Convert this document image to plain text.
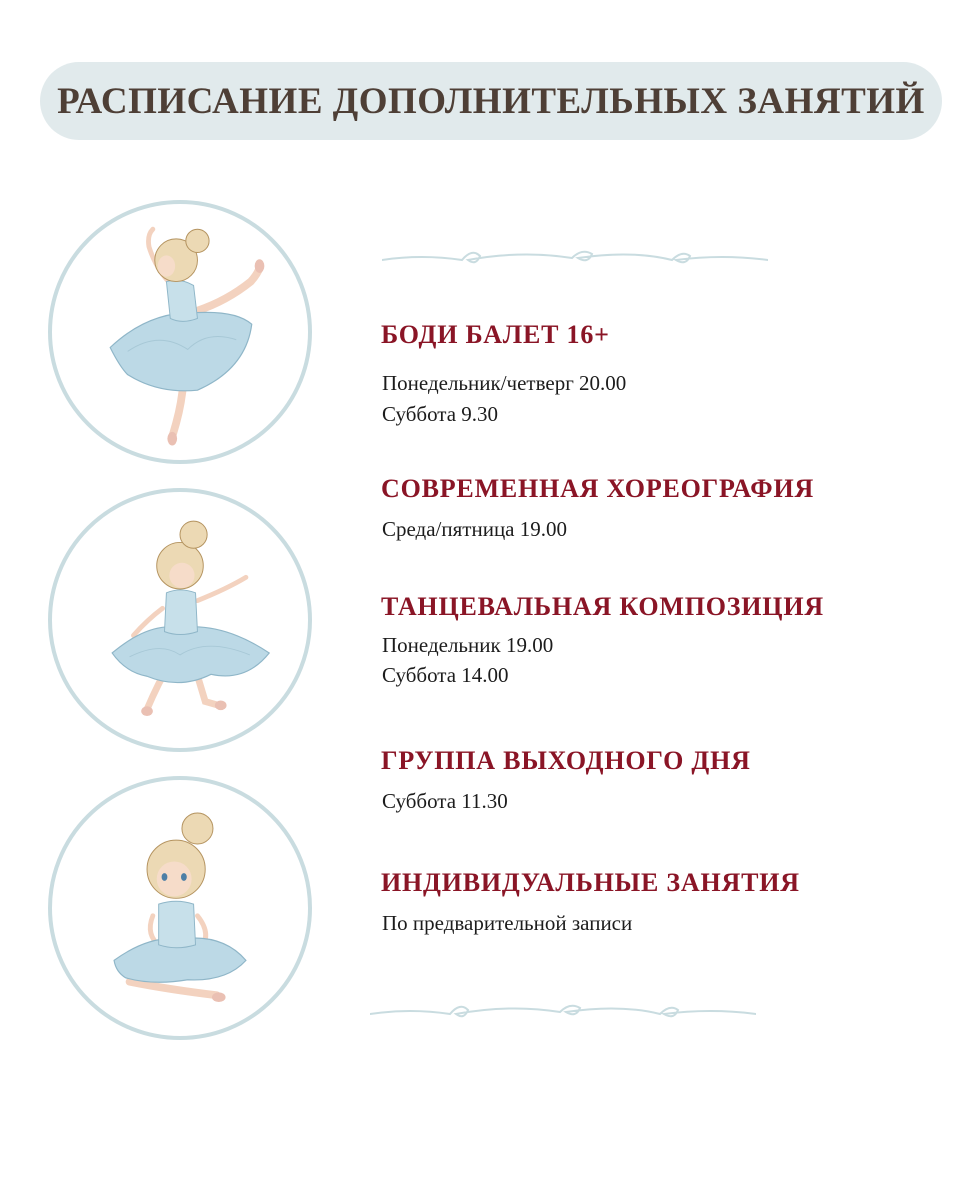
РАСПИСАНИЕ ДОПОЛНИТЕЛЬНЫХ ЗАНЯТИЙ
БОДИ БАЛЕТ 16+

Понедельник/четверг 20.00

Суббота 9.30

СОВРЕМЕННАЯ ХОРЕОГРАФИЯ

Среда/пятница 19.00

ТАНЦЕВАЛЬНАЯ КОМПОЗИЦИЯ

Понедельник 19.00

Суббота 14.00

ГРУППА ВЫХОДНОГО ДНЯ

Суббота 11.30

ИНДИВИДУАЛЬНЫЕ ЗАНЯТИЯ

По предварительной записи
